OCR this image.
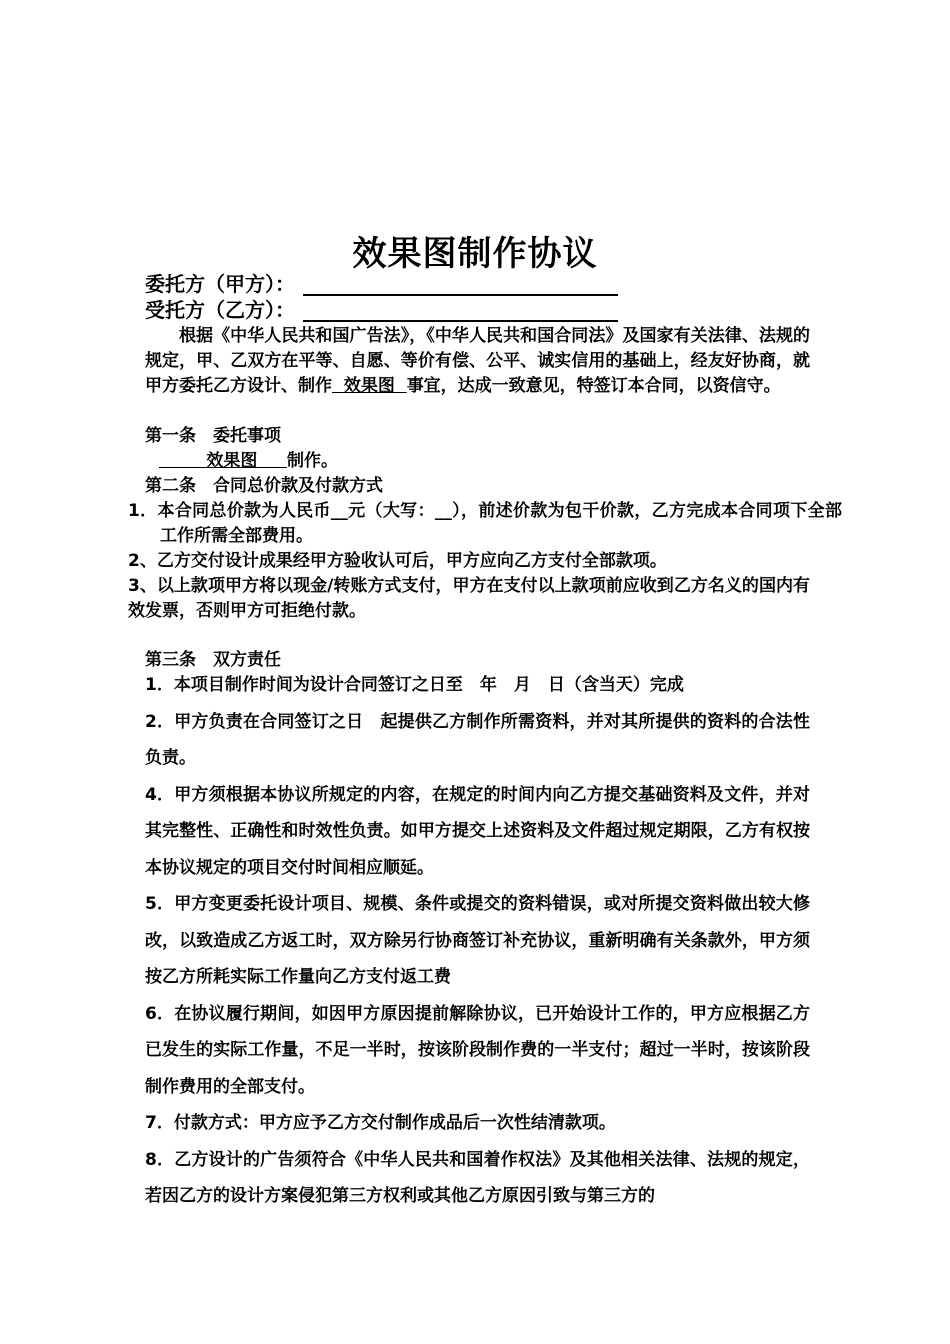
效果图制作协议
委托方（甲方）：
受托方（乙方）：
根据《中华人民共和国广告法》，《中华人民共和国合同法》及国家有关法律、法规的规定，甲、乙双方在平等、自愿、等价有偿、公平、诚实信用的基础上，经友好协商，就甲方委托乙方设计、制作  效果图  事宜，达成一致意见，特签订本合同，以资信守。
第一条　委托事项
效果图     制作。
第二条　合同总价款及付款方式
1．本合同总价款为人民币__元（大写：__），前述价款为包干价款，乙方完成本合同项下全部工作所需全部费用。
2、乙方交付设计成果经甲方验收认可后，甲方应向乙方支付全部款项。
3、以上款项甲方将以现金/转账方式支付，甲方在支付以上款项前应收到乙方名义的国内有效发票，否则甲方可拒绝付款。
第三条　双方责任
1．本项目制作时间为设计合同签订之日至　年　月　日（含当天）完成
2．甲方负责在合同签订之日　起提供乙方制作所需资料，并对其所提供的资料的合法性负责。
4．甲方须根据本协议所规定的内容，在规定的时间内向乙方提交基础资料及文件，并对其完整性、正确性和时效性负责。如甲方提交上述资料及文件超过规定期限，乙方有权按本协议规定的项目交付时间相应顺延。
5．甲方变更委托设计项目、规模、条件或提交的资料错误，或对所提交资料做出较大修改，以致造成乙方返工时，双方除另行协商签订补充协议，重新明确有关条款外，甲方须按乙方所耗实际工作量向乙方支付返工费
6．在协议履行期间，如因甲方原因提前解除协议，已开始设计工作的，甲方应根据乙方已发生的实际工作量，不足一半时，按该阶段制作费的一半支付；超过一半时，按该阶段制作费用的全部支付。
7．付款方式：甲方应予乙方交付制作成品后一次性结清款项。
8．乙方设计的广告须符合《中华人民共和国着作权法》及其他相关法律、法规的规定，若因乙方的设计方案侵犯第三方权利或其他乙方原因引致与第三方的
